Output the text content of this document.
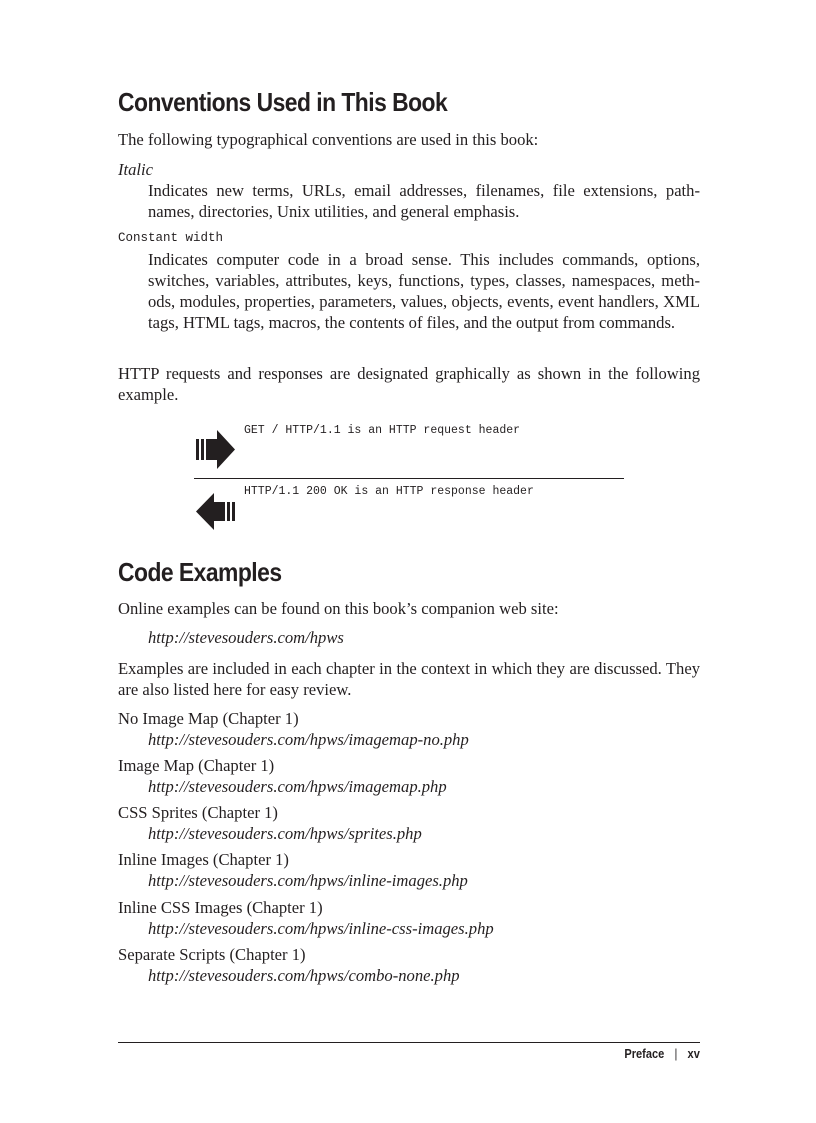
Conventions Used in This Book

The following typographical conventions are used in this book:

Italic
Indicates new terms, URLs, email addresses, filenames, file extensions, path-names, directories, Unix utilities, and general emphasis.
Constant width
Indicates computer code in a broad sense. This includes commands, options, switches, variables, attributes, keys, functions, types, classes, namespaces, meth-ods, modules, properties, parameters, values, objects, events, event handlers, XML tags, HTML tags, macros, the contents of files, and the output from commands.

HTTP requests and responses are designated graphically as shown in the following example.

GET / HTTP/1.1 is an HTTP request header
HTTP/1.1 200 OK is an HTTP response header
Code Examples

Online examples can be found on this book’s companion web site:

http://stevesouders.com/hpws

Examples are included in each chapter in the context in which they are discussed. They are also listed here for easy review.

No Image Map (Chapter 1)

http://stevesouders.com/hpws/imagemap-no.php

Image Map (Chapter 1)

http://stevesouders.com/hpws/imagemap.php

CSS Sprites (Chapter 1)

http://stevesouders.com/hpws/sprites.php

Inline Images (Chapter 1)

http://stevesouders.com/hpws/inline-images.php

Inline CSS Images (Chapter 1)

http://stevesouders.com/hpws/inline-css-images.php

Separate Scripts (Chapter 1)

http://stevesouders.com/hpws/combo-none.php

Preface | xv
